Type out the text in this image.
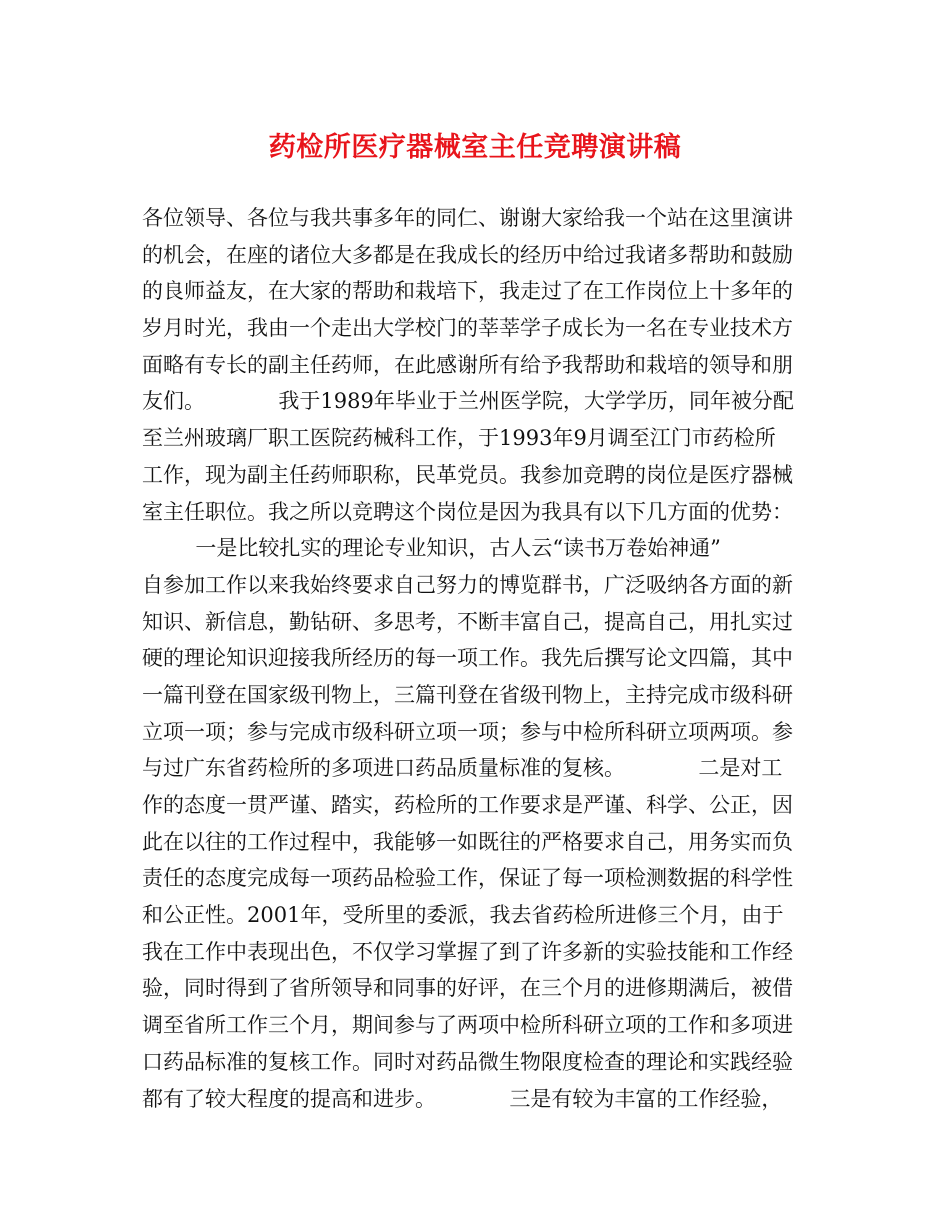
药检所医疗器械室主任竞聘演讲稿
各位领导、各位与我共事多年的同仁、谢谢大家给我一个站在这里演讲
的机会，在座的诸位大多都是在我成长的经历中给过我诸多帮助和鼓励
的良师益友，在大家的帮助和栽培下，我走过了在工作岗位上十多年的
岁月时光，我由一个走出大学校门的莘莘学子成长为一名在专业技术方
面略有专长的副主任药师，在此感谢所有给予我帮助和栽培的领导和朋
友们。           我于1989年毕业于兰州医学院，大学学历，同年被分配
至兰州玻璃厂职工医院药械科工作，于1993年9月调至江门市药检所
工作，现为副主任药师职称，民革党员。我参加竞聘的岗位是医疗器械
室主任职位。我之所以竞聘这个岗位是因为我具有以下几方面的优势：
一是比较扎实的理论专业知识，古人云“读书万卷始神通”
自参加工作以来我始终要求自己努力的博览群书，广泛吸纳各方面的新
知识、新信息，勤钻研、多思考，不断丰富自己，提高自己，用扎实过
硬的理论知识迎接我所经历的每一项工作。我先后撰写论文四篇，其中
一篇刊登在国家级刊物上，三篇刊登在省级刊物上，主持完成市级科研
立项一项；参与完成市级科研立项一项；参与中检所科研立项两项。参
与过广东省药检所的多项进口药品质量标准的复核。           二是对工
作的态度一贯严谨、踏实，药检所的工作要求是严谨、科学、公正，因
此在以往的工作过程中，我能够一如既往的严格要求自己，用务实而负
责任的态度完成每一项药品检验工作，保证了每一项检测数据的科学性
和公正性。2001年，受所里的委派，我去省药检所进修三个月，由于
我在工作中表现出色，不仅学习掌握了到了许多新的实验技能和工作经
验，同时得到了省所领导和同事的好评，在三个月的进修期满后，被借
调至省所工作三个月，期间参与了两项中检所科研立项的工作和多项进
口药品标准的复核工作。同时对药品微生物限度检查的理论和实践经验
都有了较大程度的提高和进步。           三是有较为丰富的工作经验，
